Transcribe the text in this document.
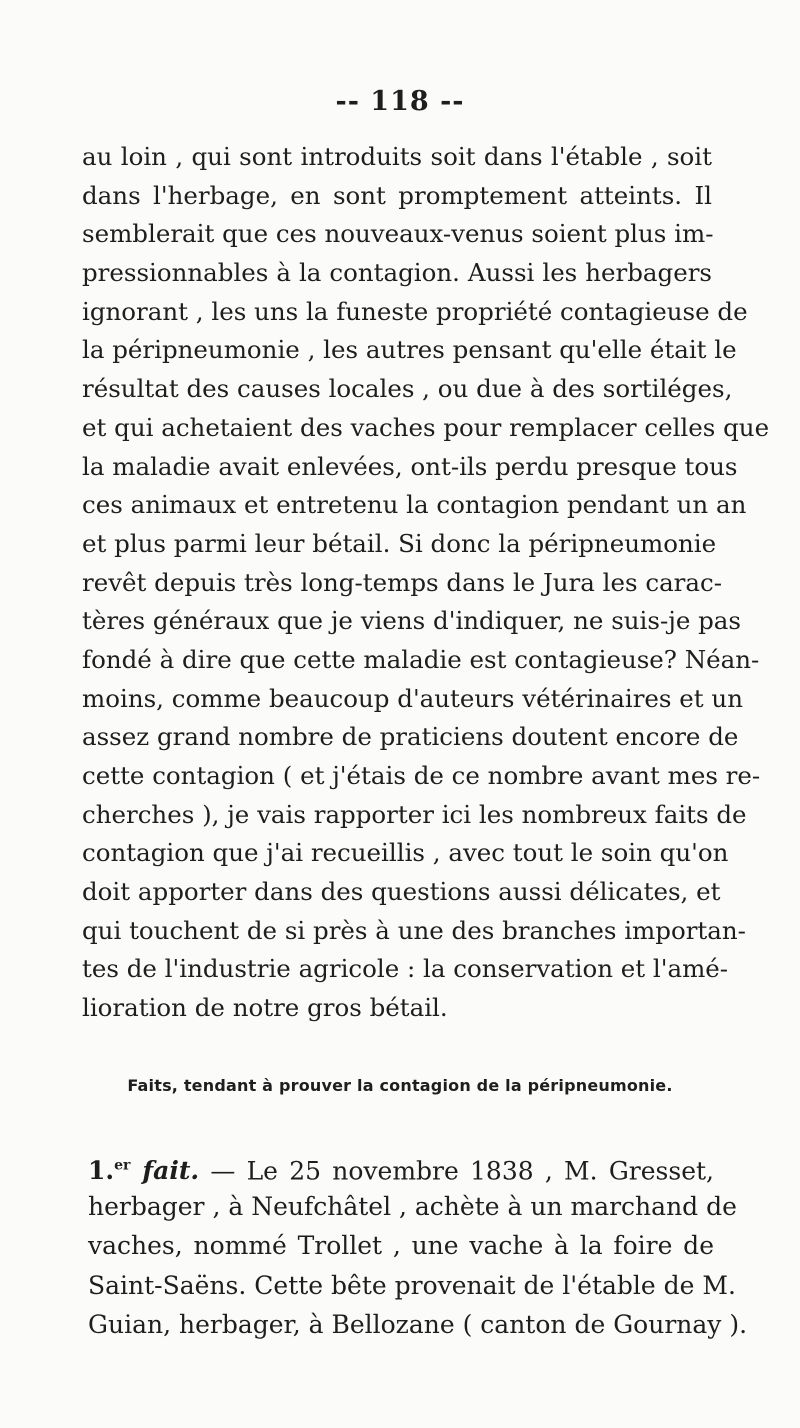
-- 118 --
au loin , qui sont introduits soit dans l'étable , soit
dans l'herbage, en sont promptement atteints. Il
semblerait que ces nouveaux-venus soient plus im-
pressionnables à la contagion. Aussi les herbagers
ignorant , les uns la funeste propriété contagieuse de
la péripneumonie , les autres pensant qu'elle était le
résultat des causes locales , ou due à des sortiléges,
et qui achetaient des vaches pour remplacer celles que
la maladie avait enlevées, ont-ils perdu presque tous
ces animaux et entretenu la contagion pendant un an
et plus parmi leur bétail. Si donc la péripneumonie
revêt depuis très long-temps dans le Jura les carac-
tères généraux que je viens d'indiquer, ne suis-je pas
fondé à dire que cette maladie est contagieuse? Néan-
moins, comme beaucoup d'auteurs vétérinaires et un
assez grand nombre de praticiens doutent encore de
cette contagion ( et j'étais de ce nombre avant mes re-
cherches ), je vais rapporter ici les nombreux faits de
contagion que j'ai recueillis , avec tout le soin qu'on
doit apporter dans des questions aussi délicates, et
qui touchent de si près à une des branches importan-
tes de l'industrie agricole : la conservation et l'amé-
lioration de notre gros bétail.
Faits, tendant à prouver la contagion de la péripneumonie.
1.$^{er}$ fait. — Le 25 novembre 1838 , M. Gresset,
herbager , à Neufchâtel , achète à un marchand de
vaches, nommé Trollet , une vache à la foire de
Saint-Saëns. Cette bête provenait de l'étable de M.
Guian, herbager, à Bellozane ( canton de Gournay ).
